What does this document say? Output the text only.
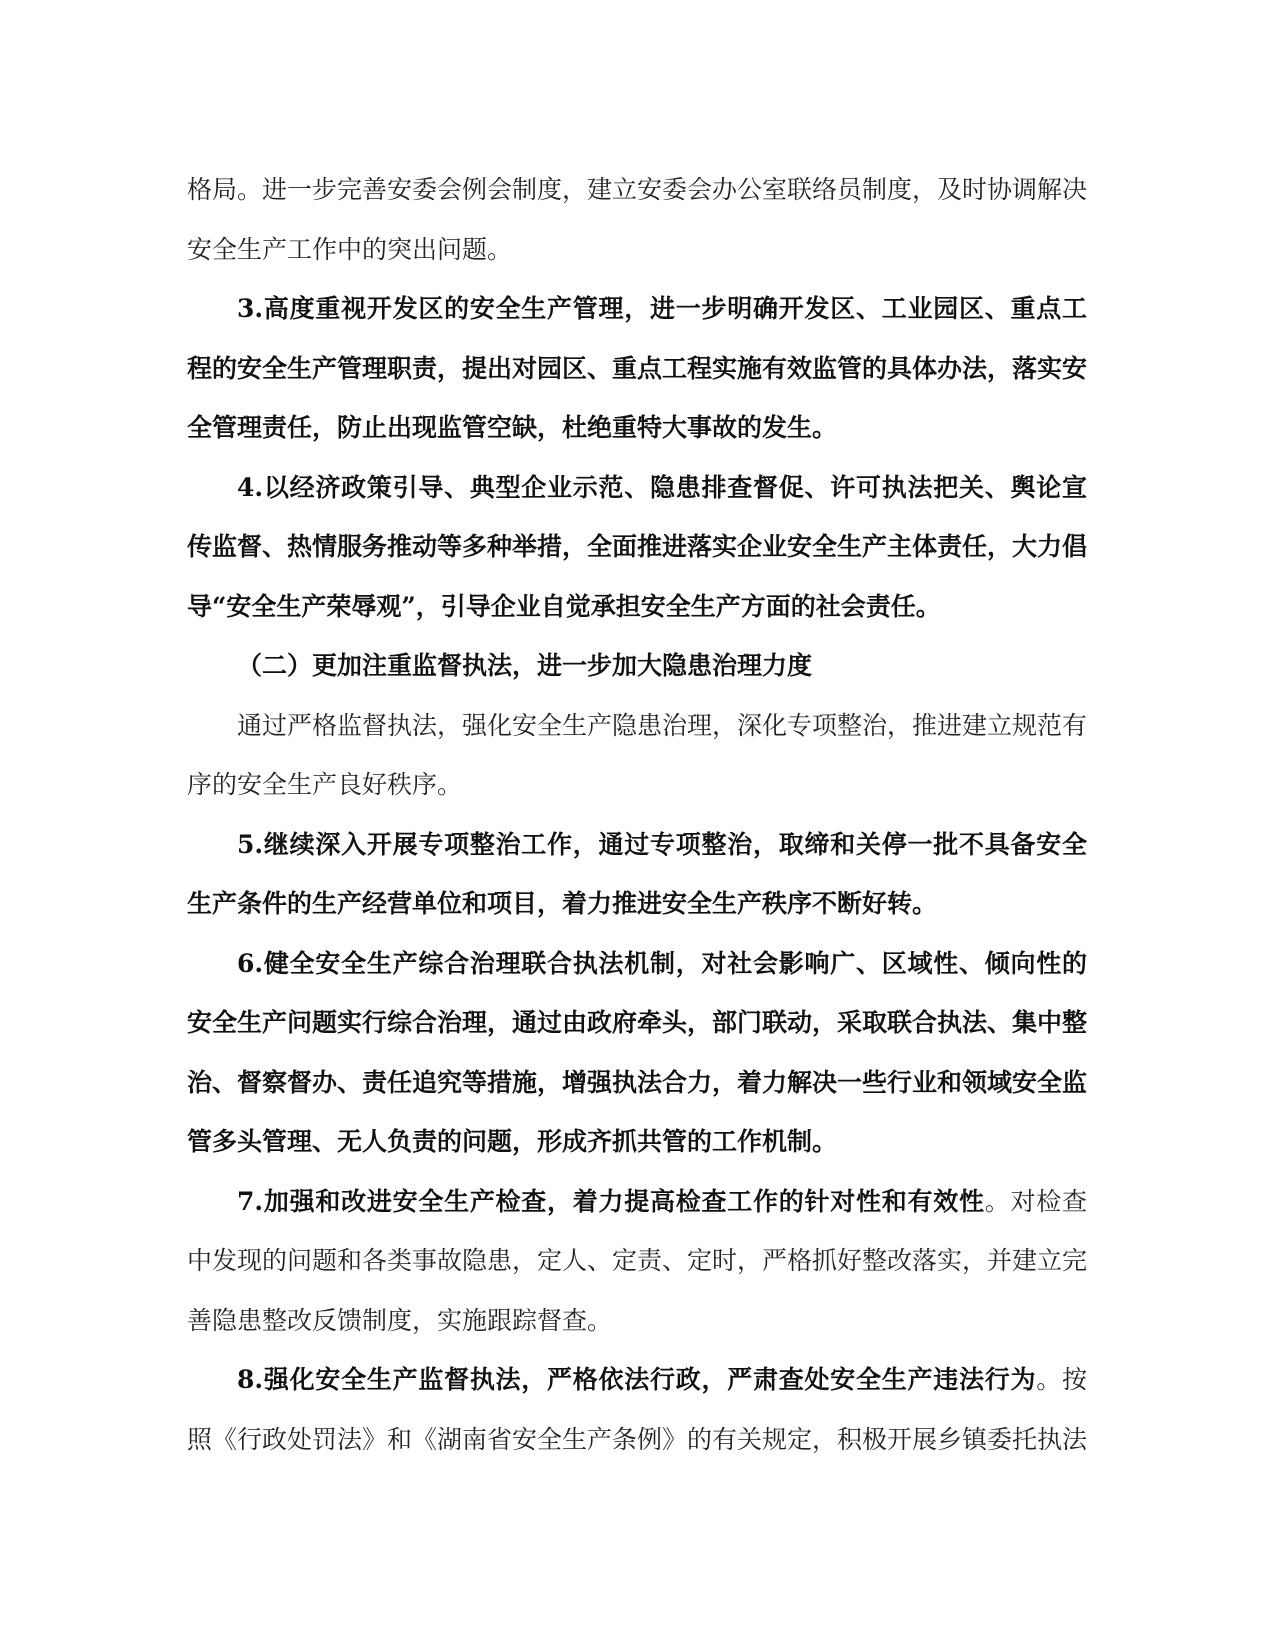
格局。进一步完善安委会例会制度，建立安委会办公室联络员制度，及时协调解决安全生产工作中的突出问题。

3.高度重视开发区的安全生产管理，进一步明确开发区、工业园区、重点工程的安全生产管理职责，提出对园区、重点工程实施有效监管的具体办法，落实安全管理责任，防止出现监管空缺，杜绝重特大事故的发生。

4.以经济政策引导、典型企业示范、隐患排查督促、许可执法把关、舆论宣传监督、热情服务推动等多种举措，全面推进落实企业安全生产主体责任，大力倡导“安全生产荣辱观”，引导企业自觉承担安全生产方面的社会责任。

（二）更加注重监督执法，进一步加大隐患治理力度

通过严格监督执法，强化安全生产隐患治理，深化专项整治，推进建立规范有序的安全生产良好秩序。

5.继续深入开展专项整治工作，通过专项整治，取缔和关停一批不具备安全生产条件的生产经营单位和项目，着力推进安全生产秩序不断好转。

6.健全安全生产综合治理联合执法机制，对社会影响广、区域性、倾向性的安全生产问题实行综合治理，通过由政府牵头，部门联动，采取联合执法、集中整治、督察督办、责任追究等措施，增强执法合力，着力解决一些行业和领域安全监管多头管理、无人负责的问题，形成齐抓共管的工作机制。

7.加强和改进安全生产检查，着力提高检查工作的针对性和有效性。对检查中发现的问题和各类事故隐患，定人、定责、定时，严格抓好整改落实，并建立完善隐患整改反馈制度，实施跟踪督查。

8.强化安全生产监督执法，严格依法行政，严肃查处安全生产违法行为。按照《行政处罚法》和《湖南省安全生产条例》的有关规定，积极开展乡镇委托执法
